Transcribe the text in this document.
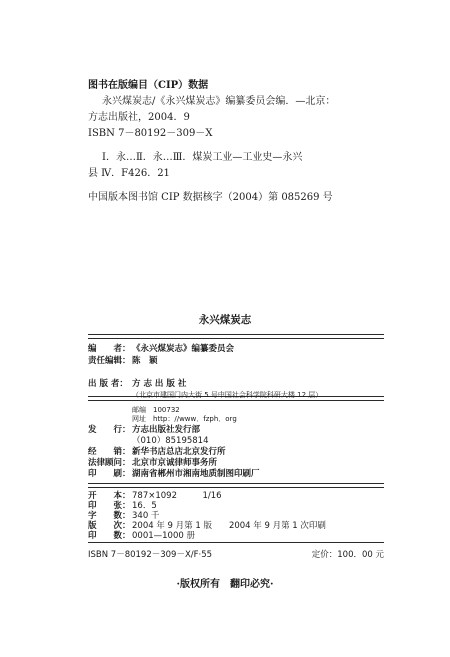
图书在版编目（CIP）数据
永兴煤炭志/《永兴煤炭志》编纂委员会编．—北京：
方志出版社，2004．9
ISBN 7－80192－309－X
Ⅰ．永…Ⅱ．永…Ⅲ．煤炭工业—工业史—永兴
县 Ⅳ．F426．21
中国版本图书馆 CIP 数据核字（2004）第 085269 号
永兴煤炭志
编　　者：《永兴煤炭志》编纂委员会
责任编辑：陈　颖
出 版 者： 方 志 出 版 社
（北京市建国门内大街 5 号中国社会科学院科研大楼 12 层）
邮编　100732
网址　http：//www．fzph．org
发　　行：方志出版社发行部
（010）85195814
经　　销：新华书店总店北京发行所
法律顾问：北京市京诚律师事务所
印　　刷：湖南省郴州市湘南地质制图印刷厂
开　　本：787×1092　　　1/16
印　　张：16．5
字　　数：340 千
版　　次：2004 年 9 月第 1 版　　2004 年 9 月第 1 次印刷
印　　数：0001—1000 册
ISBN 7－80192－309－X/F·55	定价：100．00 元
·版权所有　翻印必究·
